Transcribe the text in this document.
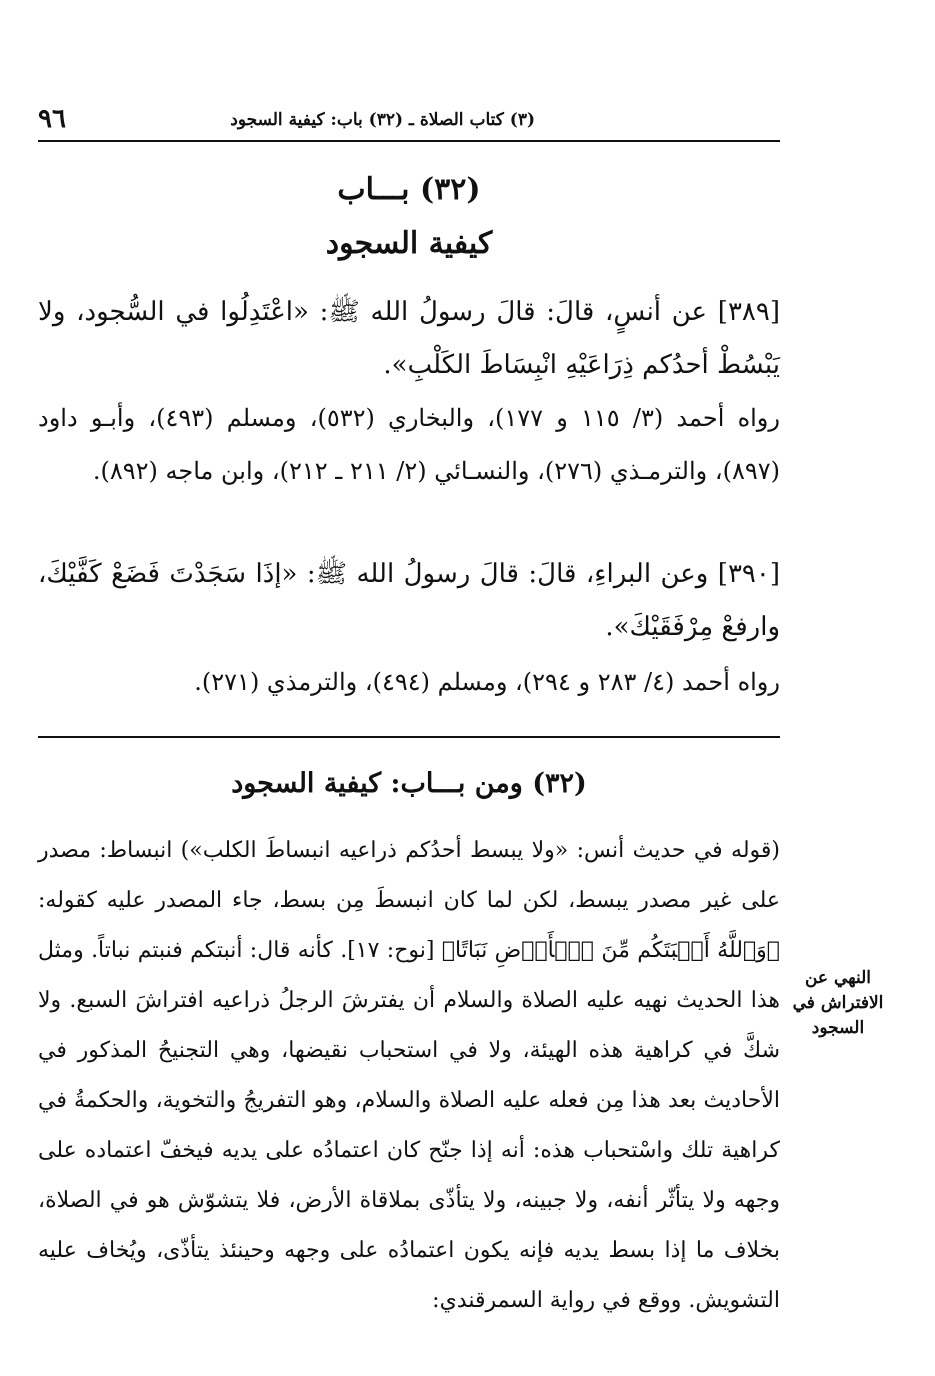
٩٦	(٣) كتاب الصلاة ـ (٣٢) باب: كيفية السجود
(٣٢) بـــاب
كيفية السجود
[٣٨٩] عن أنسٍ، قالَ: قالَ رسولُ الله ﷺ: «اعْتَدِلُوا في السُّجود، ولا يَبْسُطْ أحدُكم ذِرَاعَيْهِ انْبِسَاطَ الكَلْبِ».
رواه أحمد (٣/ ١١٥ و ١٧٧)، والبخاري (٥٣٢)، ومسلم (٤٩٣)، وأبـو داود (٨٩٧)، والترمـذي (٢٧٦)، والنسـائي (٢/ ٢١١ ـ ٢١٢)، وابن ماجه (٨٩٢).
[٣٩٠] وعن البراءِ، قالَ: قالَ رسولُ الله ﷺ: «إذَا سَجَدْتَ فَضَعْ كَفَّيْكَ، وارفعْ مِرْفَقَيْكَ».
رواه أحمد (٤/ ٢٨٣ و ٢٩٤)، ومسلم (٤٩٤)، والترمذي (٢٧١).
(٣٢) ومن بـــاب: كيفية السجود
(قوله في حديث أنس: «ولا يبسط أحدُكم ذراعيه انبساطَ الكلب») انبساط: مصدر على غير مصدر يبسط، لكن لما كان انبسطَ مِن بسط، جاء المصدر عليه كقوله: ﴿وَٱللَّهُ أَنۢبَتَكُم مِّنَ ٱلۡأَرۡضِ نَبَاتًا﴾ [نوح: ١٧]. كأنه قال: أنبتكم فنبتم نباتاً. ومثل هذا الحديث نهيه عليه الصلاة والسلام أن يفترشَ الرجلُ ذراعيه افتراشَ السبع. ولا شكَّ في كراهية هذه الهيئة، ولا في استحباب نقيضها، وهي التجنيحُ المذكور في الأحاديث بعد هذا مِن فعله عليه الصلاة والسلام، وهو التفريجُ والتخوية، والحكمةُ في كراهية تلك واسْتحباب هذه: أنه إذا جنّح كان اعتمادُه على يديه فيخفّ اعتماده على وجهه ولا يتأثّر أنفه، ولا جبينه، ولا يتأذّى بملاقاة الأرض، فلا يتشوّش هو في الصلاة، بخلاف ما إذا بسط يديه فإنه يكون اعتمادُه على وجهه وحينئذ يتأذّى، ويُخاف عليه التشويش. ووقع في رواية السمرقندي:
النهي عن الافتراش في السجود
